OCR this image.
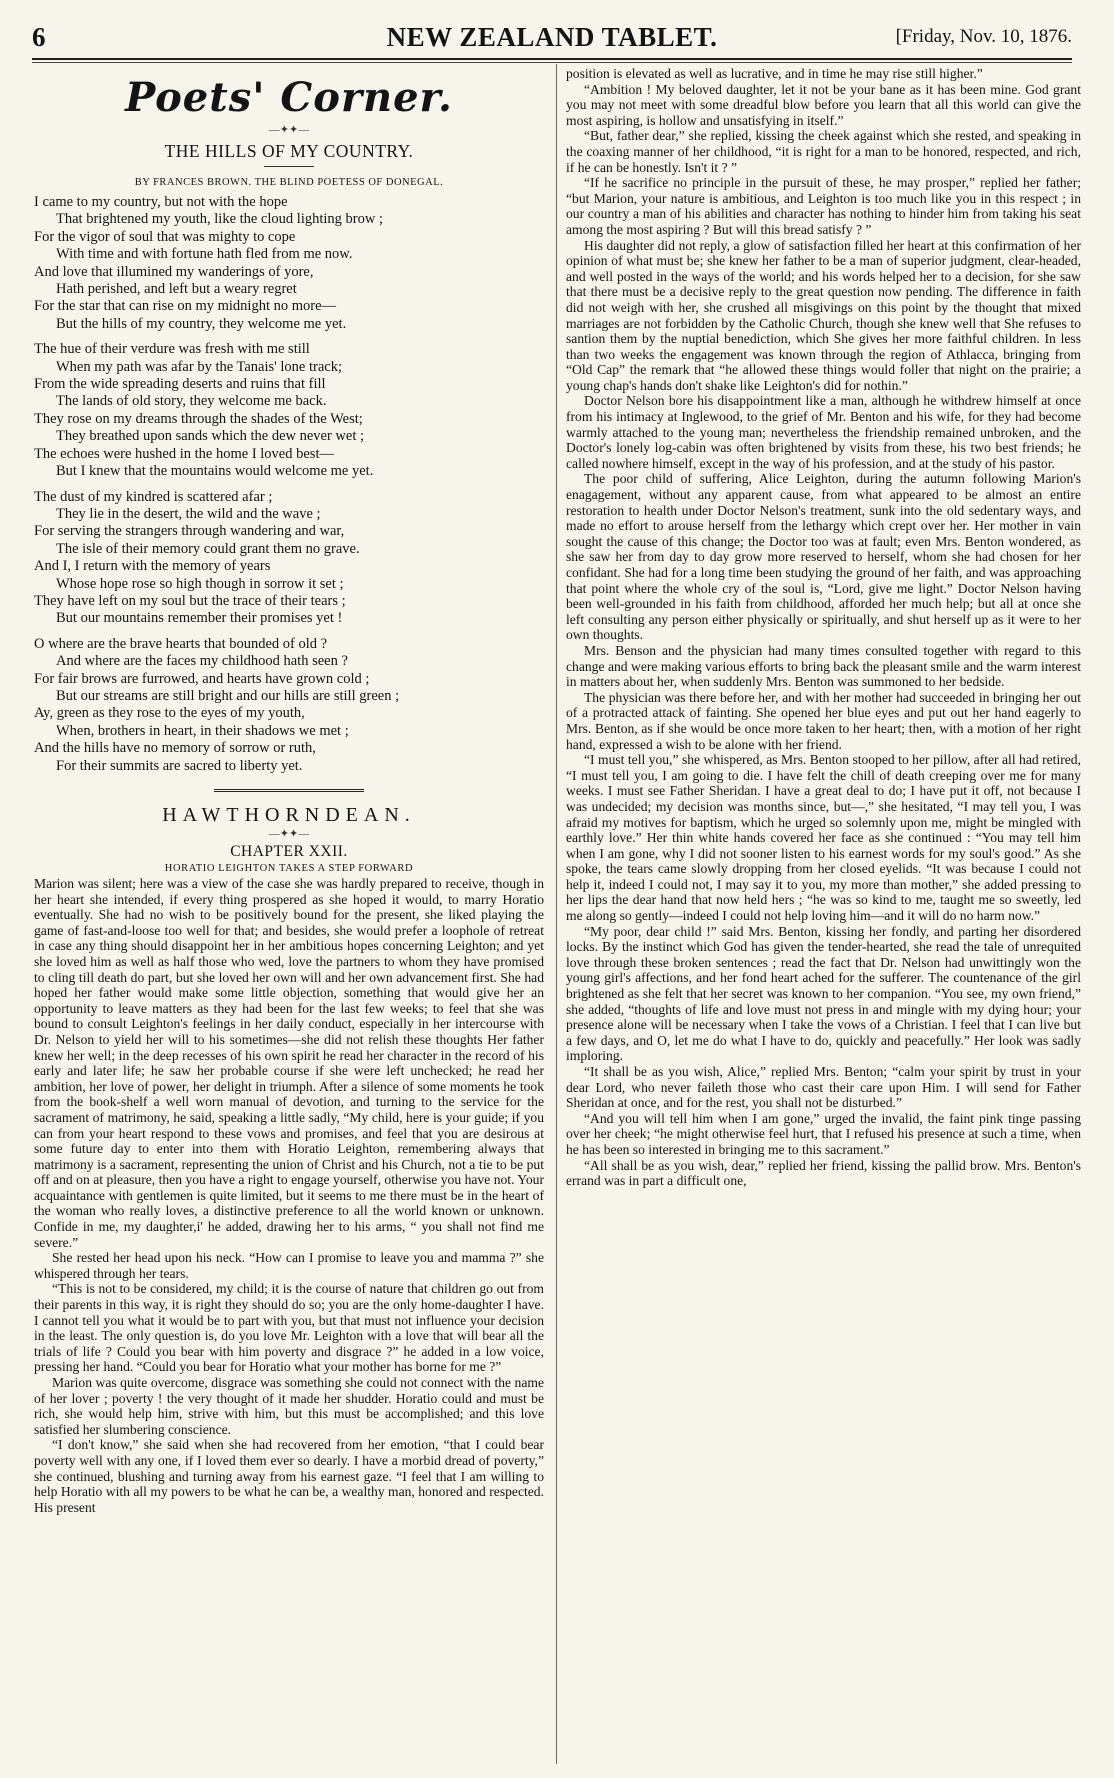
6	NEW ZEALAND TABLET.	[Friday, Nov. 10, 1876.
Poets' Corner.
—✦✦—
THE HILLS OF MY COUNTRY.
BY FRANCES BROWN. THE BLIND POETESS OF DONEGAL.
I came to my country, but not with the hope
That brightened my youth, like the cloud lighting brow ;
For the vigor of soul that was mighty to cope
With time and with fortune hath fled from me now.
And love that illumined my wanderings of yore,
Hath perished, and left but a weary regret
For the star that can rise on my midnight no more—
But the hills of my country, they welcome me yet.
The hue of their verdure was fresh with me still
When my path was afar by the Tanais' lone track;
From the wide spreading deserts and ruins that fill
The lands of old story, they welcome me back.
They rose on my dreams through the shades of the West;
They breathed upon sands which the dew never wet ;
The echoes were hushed in the home I loved best—
But I knew that the mountains would welcome me yet.
The dust of my kindred is scattered afar ;
They lie in the desert, the wild and the wave ;
For serving the strangers through wandering and war,
The isle of their memory could grant them no grave.
And I, I return with the memory of years
Whose hope rose so high though in sorrow it set ;
They have left on my soul but the trace of their tears ;
But our mountains remember their promises yet !
O where are the brave hearts that bounded of old ?
And where are the faces my childhood hath seen ?
For fair brows are furrowed, and hearts have grown cold ;
But our streams are still bright and our hills are still green ;
Ay, green as they rose to the eyes of my youth,
When, brothers in heart, in their shadows we met ;
And the hills have no memory of sorrow or ruth,
For their summits are sacred to liberty yet.
HAWTHORNDEAN.
—✦✦—
CHAPTER XXII.
HORATIO LEIGHTON TAKES A STEP FORWARD

Marion was silent; here was a view of the case she was hardly prepared to receive, though in her heart she intended, if every thing prospered as she hoped it would, to marry Horatio eventually. She had no wish to be positively bound for the present, she liked playing the game of fast-and-loose too well for that; and besides, she would prefer a loophole of retreat in case any thing should disappoint her in her ambitious hopes concerning Leighton; and yet she loved him as well as half those who wed, love the partners to whom they have promised to cling till death do part, but she loved her own will and her own advancement first. She had hoped her father would make some little objection, something that would give her an opportunity to leave matters as they had been for the last few weeks; to feel that she was bound to consult Leighton's feelings in her daily conduct, especially in her intercourse with Dr. Nelson to yield her will to his sometimes—she did not relish these thoughts Her father knew her well; in the deep recesses of his own spirit he read her character in the record of his early and later life; he saw her probable course if she were left unchecked; he read her ambition, her love of power, her delight in triumph. After a silence of some moments he took from the book-shelf a well worn manual of devotion, and turning to the service for the sacrament of matrimony, he said, speaking a little sadly, “My child, here is your guide; if you can from your heart respond to these vows and promises, and feel that you are desirous at some future day to enter into them with Horatio Leighton, remembering always that matrimony is a sacrament, representing the union of Christ and his Church, not a tie to be put off and on at pleasure, then you have a right to engage yourself, otherwise you have not. Your acquaintance with gentlemen is quite limited, but it seems to me there must be in the heart of the woman who really loves, a distinctive preference to all the world known or unknown. Confide in me, my daughter,i' he added, drawing her to his arms, “ you shall not find me severe.”

She rested her head upon his neck. “How can I promise to leave you and mamma ?” she whispered through her tears.

“This is not to be considered, my child; it is the course of nature that children go out from their parents in this way, it is right they should do so; you are the only home-daughter I have. I cannot tell you what it would be to part with you, but that must not influence your decision in the least. The only question is, do you love Mr. Leighton with a love that will bear all the trials of life ? Could you bear with him poverty and disgrace ?” he added in a low voice, pressing her hand. “Could you bear for Horatio what your mother has borne for me ?”

Marion was quite overcome, disgrace was something she could not connect with the name of her lover ; poverty ! the very thought of it made her shudder. Horatio could and must be rich, she would help him, strive with him, but this must be accomplished; and this love satisfied her slumbering conscience.

“I don't know,” she said when she had recovered from her emotion, “that I could bear poverty well with any one, if I loved them ever so dearly. I have a morbid dread of poverty,” she continued, blushing and turning away from his earnest gaze. “I feel that I am willing to help Horatio with all my powers to be what he can be, a wealthy man, honored and respected. His present

position is elevated as well as lucrative, and in time he may rise still higher.”

“Ambition ! My beloved daughter, let it not be your bane as it has been mine. God grant you may not meet with some dreadful blow before you learn that all this world can give the most aspiring, is hollow and unsatisfying in itself.”

“But, father dear,” she replied, kissing the cheek against which she rested, and speaking in the coaxing manner of her childhood, “it is right for a man to be honored, respected, and rich, if he can be honestly. Isn't it ? ”

“If he sacrifice no principle in the pursuit of these, he may prosper,” replied her father; “but Marion, your nature is ambitious, and Leighton is too much like you in this respect ; in our country a man of his abilities and character has nothing to hinder him from taking his seat among the most aspiring ? But will this bread satisfy ? ”

His daughter did not reply, a glow of satisfaction filled her heart at this confirmation of her opinion of what must be; she knew her father to be a man of superior judgment, clear-headed, and well posted in the ways of the world; and his words helped her to a decision, for she saw that there must be a decisive reply to the great question now pending. The difference in faith did not weigh with her, she crushed all misgivings on this point by the thought that mixed marriages are not forbidden by the Catholic Church, though she knew well that She refuses to santion them by the nuptial benediction, which She gives her more faithful children. In less than two weeks the engagement was known through the region of Athlacca, bringing from “Old Cap” the remark that “he allowed these things would foller that night on the prairie; a young chap's hands don't shake like Leighton's did for nothin.”

Doctor Nelson bore his disappointment like a man, although he withdrew himself at once from his intimacy at Inglewood, to the grief of Mr. Benton and his wife, for they had become warmly attached to the young man; nevertheless the friendship remained unbroken, and the Doctor's lonely log-cabin was often brightened by visits from these, his two best friends; he called nowhere himself, except in the way of his profession, and at the study of his pastor.

The poor child of suffering, Alice Leighton, during the autumn following Marion's enagagement, without any apparent cause, from what appeared to be almost an entire restoration to health under Doctor Nelson's treatment, sunk into the old sedentary ways, and made no effort to arouse herself from the lethargy which crept over her. Her mother in vain sought the cause of this change; the Doctor too was at fault; even Mrs. Benton wondered, as she saw her from day to day grow more reserved to herself, whom she had chosen for her confidant. She had for a long time been studying the ground of her faith, and was approaching that point where the whole cry of the soul is, “Lord, give me light.” Doctor Nelson having been well-grounded in his faith from childhood, afforded her much help; but all at once she left consulting any person either physically or spiritually, and shut herself up as it were to her own thoughts.

Mrs. Benson and the physician had many times consulted together with regard to this change and were making various efforts to bring back the pleasant smile and the warm interest in matters about her, when suddenly Mrs. Benton was summoned to her bedside.

The physician was there before her, and with her mother had succeeded in bringing her out of a protracted attack of fainting. She opened her blue eyes and put out her hand eagerly to Mrs. Benton, as if she would be once more taken to her heart; then, with a motion of her right hand, expressed a wish to be alone with her friend.

“I must tell you,” she whispered, as Mrs. Benton stooped to her pillow, after all had retired, “I must tell you, I am going to die. I have felt the chill of death creeping over me for many weeks. I must see Father Sheridan. I have a great deal to do; I have put it off, not because I was undecided; my decision was months since, but—,” she hesitated, “I may tell you, I was afraid my motives for baptism, which he urged so solemnly upon me, might be mingled with earthly love.” Her thin white hands covered her face as she continued : “You may tell him when I am gone, why I did not sooner listen to his earnest words for my soul's good.” As she spoke, the tears came slowly dropping from her closed eyelids. “It was because I could not help it, indeed I could not, I may say it to you, my more than mother,” she added pressing to her lips the dear hand that now held hers ; “he was so kind to me, taught me so sweetly, led me along so gently—indeed I could not help loving him—and it will do no harm now.”

“My poor, dear child !” said Mrs. Benton, kissing her fondly, and parting her disordered locks. By the instinct which God has given the tender-hearted, she read the tale of unrequited love through these broken sentences ; read the fact that Dr. Nelson had unwittingly won the young girl's affections, and her fond heart ached for the sufferer. The countenance of the girl brightened as she felt that her secret was known to her companion. “You see, my own friend,” she added, “thoughts of life and love must not press in and mingle with my dying hour; your presence alone will be necessary when I take the vows of a Christian. I feel that I can live but a few days, and O, let me do what I have to do, quickly and peacefully.” Her look was sadly imploring.

“It shall be as you wish, Alice,” replied Mrs. Benton; “calm your spirit by trust in your dear Lord, who never faileth those who cast their care upon Him. I will send for Father Sheridan at once, and for the rest, you shall not be disturbed.”

“And you will tell him when I am gone,” urged the invalid, the faint pink tinge passing over her cheek; “he might otherwise feel hurt, that I refused his presence at such a time, when he has been so interested in bringing me to this sacrament.”

“All shall be as you wish, dear,” replied her friend, kissing the pallid brow. Mrs. Benton's errand was in part a difficult one,
